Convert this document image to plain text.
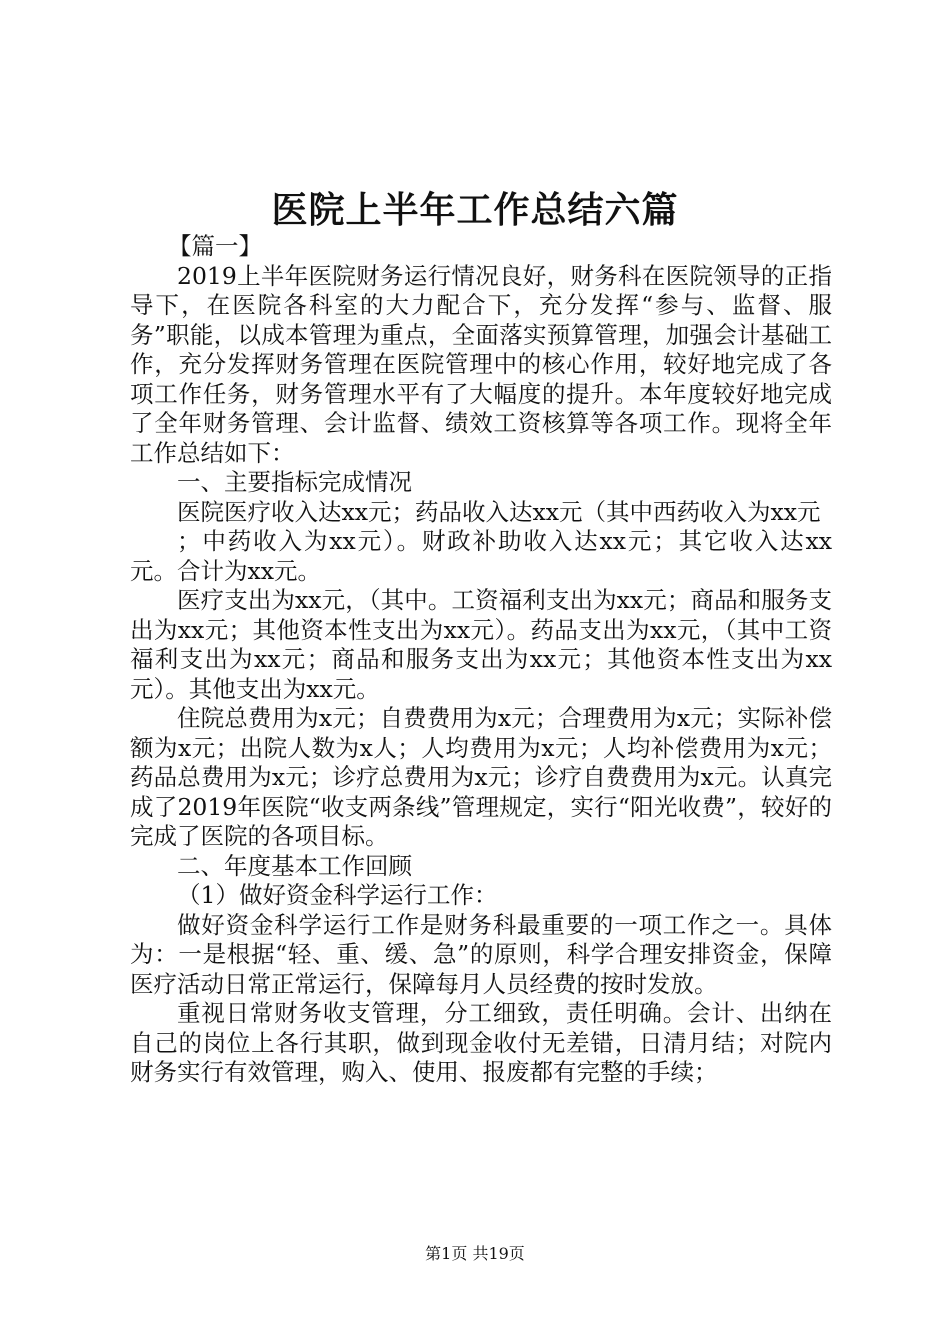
医院上半年工作总结六篇

【篇一】

2019上半年医院财务运行情况良好，财务科在医院领导的正指导下，在医院各科室的大力配合下，充分发挥“参与、监督、服务”职能，以成本管理为重点，全面落实预算管理，加强会计基础工作，充分发挥财务管理在医院管理中的核心作用，较好地完成了各项工作任务，财务管理水平有了大幅度的提升。本年度较好地完成了全年财务管理、会计监督、绩效工资核算等各项工作。现将全年工作总结如下：

一、主要指标完成情况

医院医疗收入达xx元；药品收入达xx元（其中西药收入为xx元

；中药收入为xx元）。财政补助收入达xx元；其它收入达xx元。合计为xx元。

医疗支出为xx元，（其中。工资福利支出为xx元；商品和服务支出为xx元；其他资本性支出为xx元）。药品支出为xx元，（其中工资福利支出为xx元；商品和服务支出为xx元；其他资本性支出为xx元）。其他支出为xx元。

住院总费用为x元；自费费用为x元；合理费用为x元；实际补偿额为x元；出院人数为x人；人均费用为x元；人均补偿费用为x元；药品总费用为x元；诊疗总费用为x元；诊疗自费费用为x元。认真完成了2019年医院“收支两条线”管理规定，实行“阳光收费”，较好的完成了医院的各项目标。

二、年度基本工作回顾

（1）做好资金科学运行工作：

做好资金科学运行工作是财务科最重要的一项工作之一。具体为：一是根据“轻、重、缓、急”的原则，科学合理安排资金，保障医疗活动日常正常运行，保障每月人员经费的按时发放。

重视日常财务收支管理，分工细致，责任明确。会计、出纳在自己的岗位上各行其职，做到现金收付无差错，日清月结；对院内财务实行有效管理，购入、使用、报废都有完整的手续；

第1页 共19页
